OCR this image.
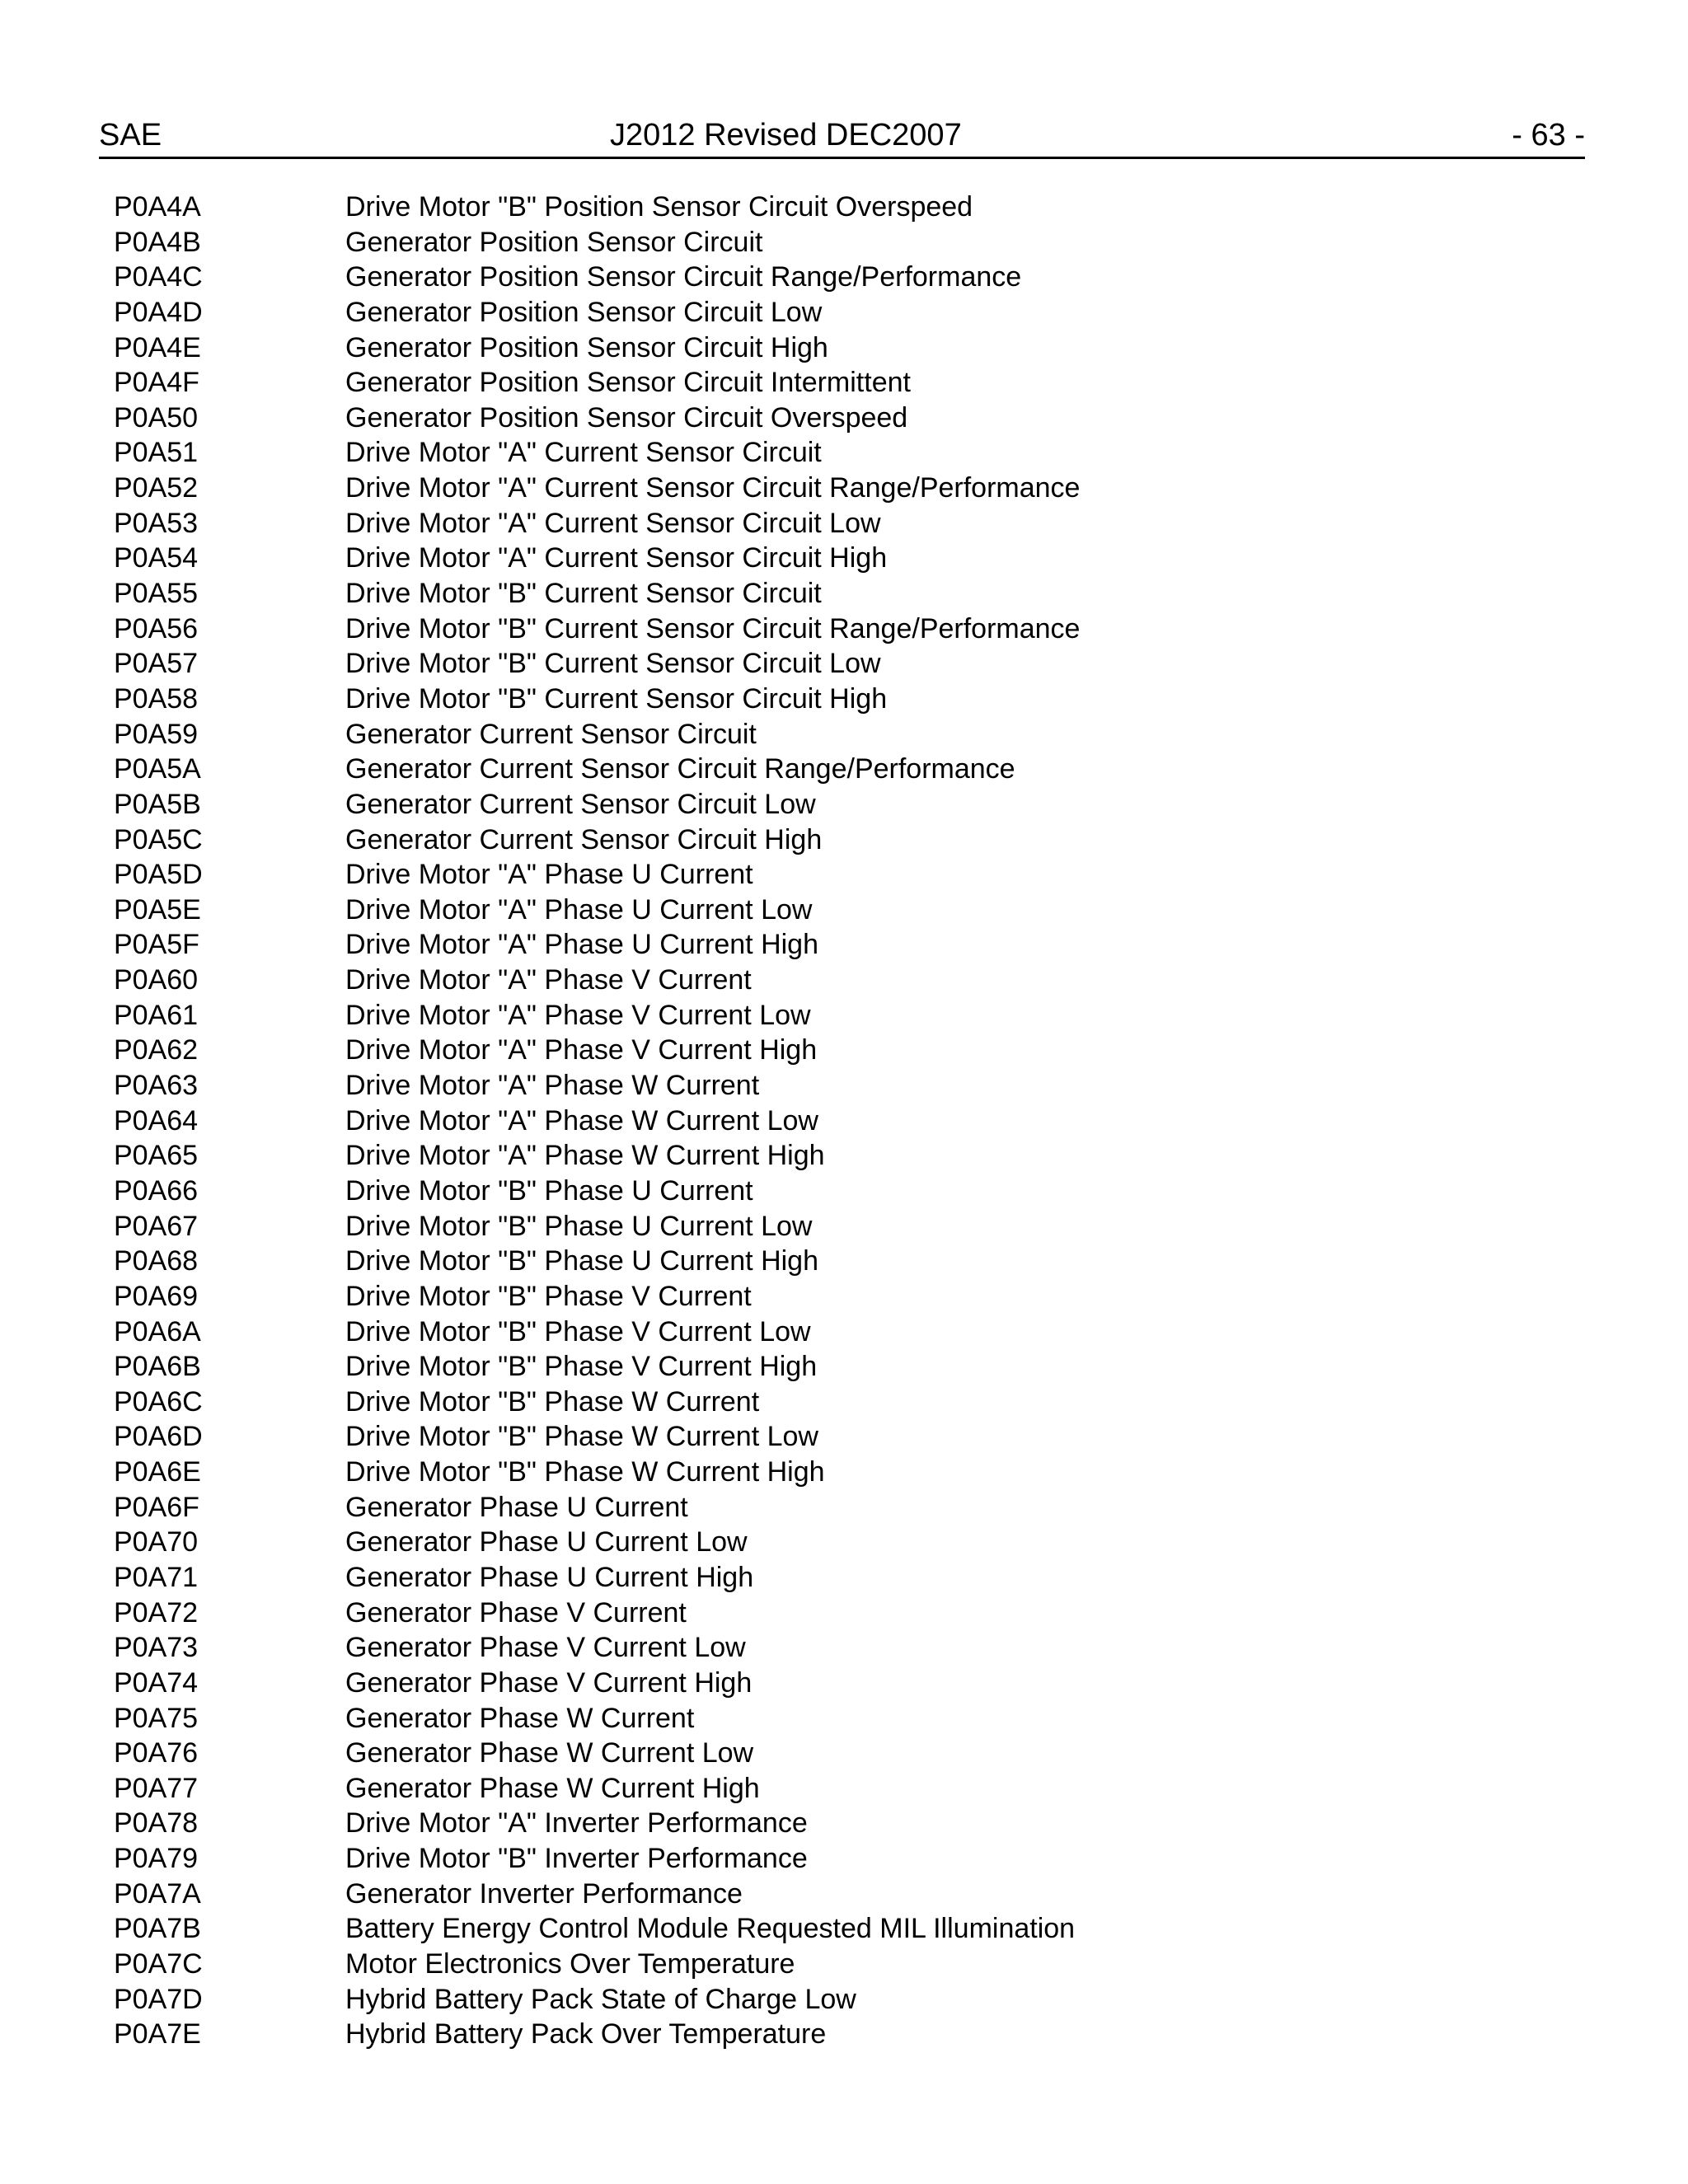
SAE	J2012 Revised DEC2007	- 63 -
P0A4A	Drive Motor "B" Position Sensor Circuit Overspeed
P0A4B	Generator Position Sensor Circuit
P0A4C	Generator Position Sensor Circuit Range/Performance
P0A4D	Generator Position Sensor Circuit Low
P0A4E	Generator Position Sensor Circuit High
P0A4F	Generator Position Sensor Circuit Intermittent
P0A50	Generator Position Sensor Circuit Overspeed
P0A51	Drive Motor "A" Current Sensor Circuit
P0A52	Drive Motor "A" Current Sensor Circuit Range/Performance
P0A53	Drive Motor "A" Current Sensor Circuit Low
P0A54	Drive Motor "A" Current Sensor Circuit High
P0A55	Drive Motor "B" Current Sensor Circuit
P0A56	Drive Motor "B" Current Sensor Circuit Range/Performance
P0A57	Drive Motor "B" Current Sensor Circuit Low
P0A58	Drive Motor "B" Current Sensor Circuit High
P0A59	Generator Current Sensor Circuit
P0A5A	Generator Current Sensor Circuit Range/Performance
P0A5B	Generator Current Sensor Circuit Low
P0A5C	Generator Current Sensor Circuit High
P0A5D	Drive Motor "A" Phase U Current
P0A5E	Drive Motor "A" Phase U Current Low
P0A5F	Drive Motor "A" Phase U Current High
P0A60	Drive Motor "A" Phase V Current
P0A61	Drive Motor "A" Phase V Current Low
P0A62	Drive Motor "A" Phase V Current High
P0A63	Drive Motor "A" Phase W Current
P0A64	Drive Motor "A" Phase W Current Low
P0A65	Drive Motor "A" Phase W Current High
P0A66	Drive Motor "B" Phase U Current
P0A67	Drive Motor "B" Phase U Current Low
P0A68	Drive Motor "B" Phase U Current High
P0A69	Drive Motor "B" Phase V Current
P0A6A	Drive Motor "B" Phase V Current Low
P0A6B	Drive Motor "B" Phase V Current High
P0A6C	Drive Motor "B" Phase W Current
P0A6D	Drive Motor "B" Phase W Current Low
P0A6E	Drive Motor "B" Phase W Current High
P0A6F	Generator Phase U Current
P0A70	Generator Phase U Current Low
P0A71	Generator Phase U Current High
P0A72	Generator Phase V Current
P0A73	Generator Phase V Current Low
P0A74	Generator Phase V Current High
P0A75	Generator Phase W Current
P0A76	Generator Phase W Current Low
P0A77	Generator Phase W Current High
P0A78	Drive Motor "A" Inverter Performance
P0A79	Drive Motor "B" Inverter Performance
P0A7A	Generator Inverter Performance
P0A7B	Battery Energy Control Module Requested MIL Illumination
P0A7C	Motor Electronics Over Temperature
P0A7D	Hybrid Battery Pack State of Charge Low
P0A7E	Hybrid Battery Pack Over Temperature
